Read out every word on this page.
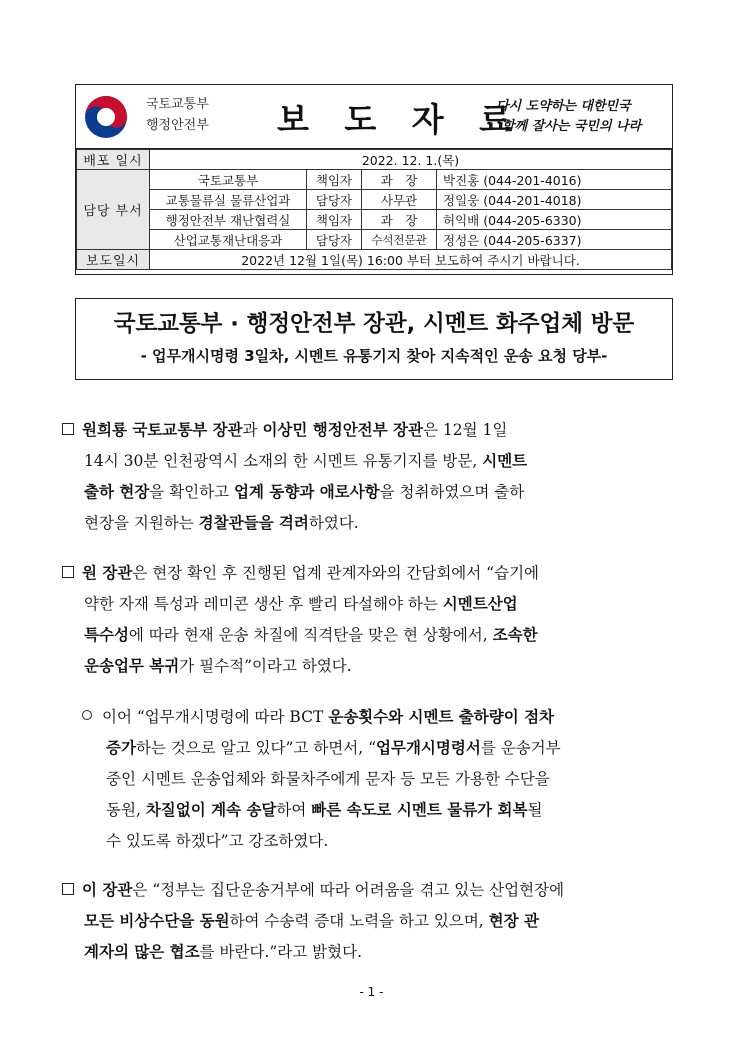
국토교통부
행정안전부 보 도 자 료
다시 도약하는 대한민국
함께 잘사는 국민의 나라
배포 일시	2022. 12. 1.(목)			
담당 부서	국토교통부	책임자	과　장	박진홍 (044-201-4016)
	교통물류실 물류산업과	담당자	사무관	정일웅 (044-201-4018)
	행정안전부 재난협력실	책임자	과　장	허익배 (044-205-6330)
	산업교통재난대응과	담당자	수석전문관	정성은 (044-205-6337)
보도일시	2022년 12월 1일(목) 16:00 부터 보도하여 주시기 바랍니다.			
국토교통부 · 행정안전부 장관, 시멘트 화주업체 방문
- 업무개시명령 3일차, 시멘트 유통기지 찾아 지속적인 운송 요청 당부-
원희룡 국토교통부 장관과 이상민 행정안전부 장관은 12월 1일
14시 30분 인천광역시 소재의 한 시멘트 유통기지를 방문, 시멘트
출하 현장을 확인하고 업계 동향과 애로사항을 청취하였으며 출하
현장을 지원하는 경찰관들을 격려하였다.
원 장관은 현장 확인 후 진행된 업계 관계자와의 간담회에서 “습기에
약한 자재 특성과 레미콘 생산 후 빨리 타설해야 하는 시멘트산업
특수성에 따라 현재 운송 차질에 직격탄을 맞은 현 상황에서, 조속한
운송업무 복귀가 필수적”이라고 하였다.
이어 “업무개시명령에 따라 BCT 운송횟수와 시멘트 출하량이 점차
증가하는 것으로 알고 있다”고 하면서, “업무개시명령서를 운송거부
중인 시멘트 운송업체와 화물차주에게 문자 등 모든 가용한 수단을
동원, 차질없이 계속 송달하여 빠른 속도로 시멘트 물류가 회복될
수 있도록 하겠다”고 강조하였다.
이 장관은 “정부는 집단운송거부에 따라 어려움을 겪고 있는 산업현장에
모든 비상수단을 동원하여 수송력 증대 노력을 하고 있으며, 현장 관
계자의 많은 협조를 바란다.”라고 밝혔다.
- 1 -
